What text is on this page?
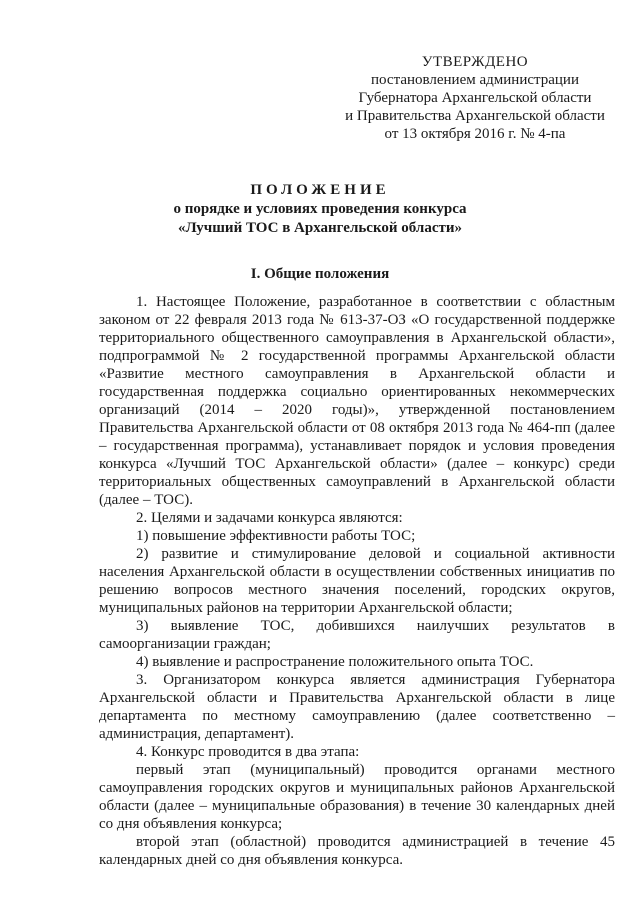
УТВЕРЖДЕНО
постановлением администрации
Губернатора Архангельской области
и Правительства Архангельской области
от 13 октября 2016 г. № 4-па
ПОЛОЖЕНИЕ
о порядке и условиях проведения конкурса
«Лучший ТОС в Архангельской области»
I. Общие положения

1. Настоящее Положение, разработанное в соответствии с областным законом от 22 февраля 2013 года № 613-37-ОЗ «О государственной поддержке территориального общественного самоуправления в Архангельской области», подпрограммой № 2 государственной программы Архангельской области «Развитие местного самоуправления в Архангельской области и государственная поддержка социально ориентированных некоммерческих организаций (2014 – 2020 годы)», утвержденной постановлением Правительства Архангельской области от 08 октября 2013 года № 464-пп (далее – государственная программа), устанавливает порядок и условия проведения конкурса «Лучший ТОС Архангельской области» (далее – конкурс) среди территориальных общественных самоуправлений в Архангельской области (далее – ТОС).

2. Целями и задачами конкурса являются:

1) повышение эффективности работы ТОС;

2) развитие и стимулирование деловой и социальной активности населения Архангельской области в осуществлении собственных инициатив по решению вопросов местного значения поселений, городских округов, муниципальных районов на территории Архангельской области;

3) выявление ТОС, добившихся наилучших результатов в самоорганизации граждан;

4) выявление и распространение положительного опыта ТОС.

3. Организатором конкурса является администрация Губернатора Архангельской области и Правительства Архангельской области в лице департамента по местному самоуправлению (далее соответственно – администрация, департамент).

4. Конкурс проводится в два этапа:

первый этап (муниципальный) проводится органами местного самоуправления городских округов и муниципальных районов Архангельской области (далее – муниципальные образования) в течение 30 календарных дней со дня объявления конкурса;

второй этап (областной) проводится администрацией в течение 45 календарных дней со дня объявления конкурса.
